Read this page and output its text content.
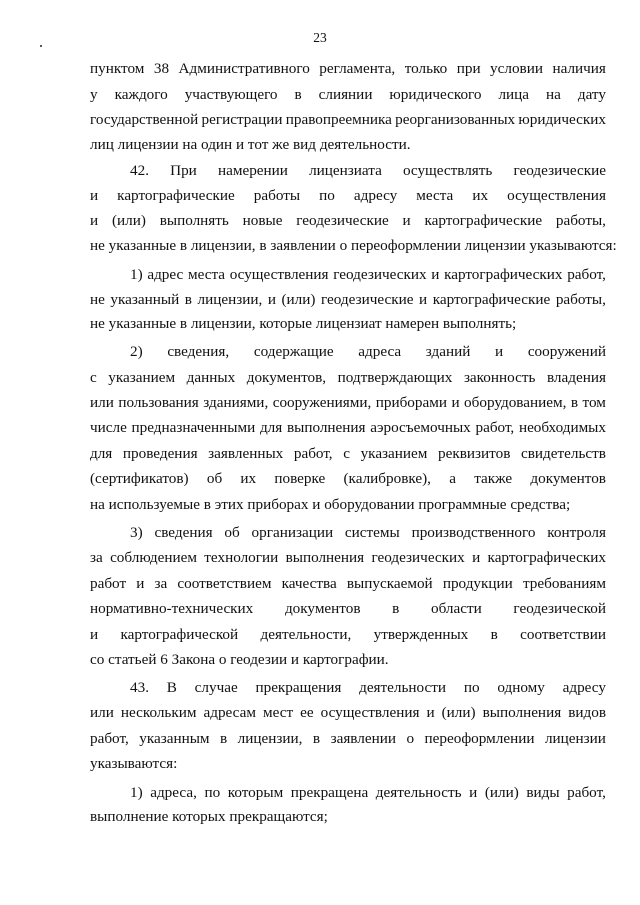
23
пунктом 38 Административного регламента, только при условии наличия
у каждого участвующего в слиянии юридического лица на дату
государственной регистрации правопреемника реорганизованных юридических
лиц лицензии на один и тот же вид деятельности.
42. При намерении лицензиата осуществлять геодезические
и картографические работы по адресу места их осуществления
и (или) выполнять новые геодезические и картографические работы,
не указанные в лицензии, в заявлении о переоформлении лицензии указываются:
1) адрес места осуществления геодезических и картографических работ,
не указанный в лицензии, и (или) геодезические и картографические работы,
не указанные в лицензии, которые лицензиат намерен выполнять;
2) сведения, содержащие адреса зданий и сооружений
с указанием данных документов, подтверждающих законность владения
или пользования зданиями, сооружениями, приборами и оборудованием, в том
числе предназначенными для выполнения аэросъемочных работ, необходимых
для проведения заявленных работ, с указанием реквизитов свидетельств
(сертификатов) об их поверке (калибровке), а также документов
на используемые в этих приборах и оборудовании программные средства;
3) сведения об организации системы производственного контроля
за соблюдением технологии выполнения геодезических и картографических
работ и за соответствием качества выпускаемой продукции требованиям
нормативно-технических документов в области геодезической
и картографической деятельности, утвержденных в соответствии
со статьей 6 Закона о геодезии и картографии.
43. В случае прекращения деятельности по одному адресу
или нескольким адресам мест ее осуществления и (или) выполнения видов
работ, указанным в лицензии, в заявлении о переоформлении лицензии
указываются:
1) адреса, по которым прекращена деятельность и (или) виды работ,
выполнение которых прекращаются;
